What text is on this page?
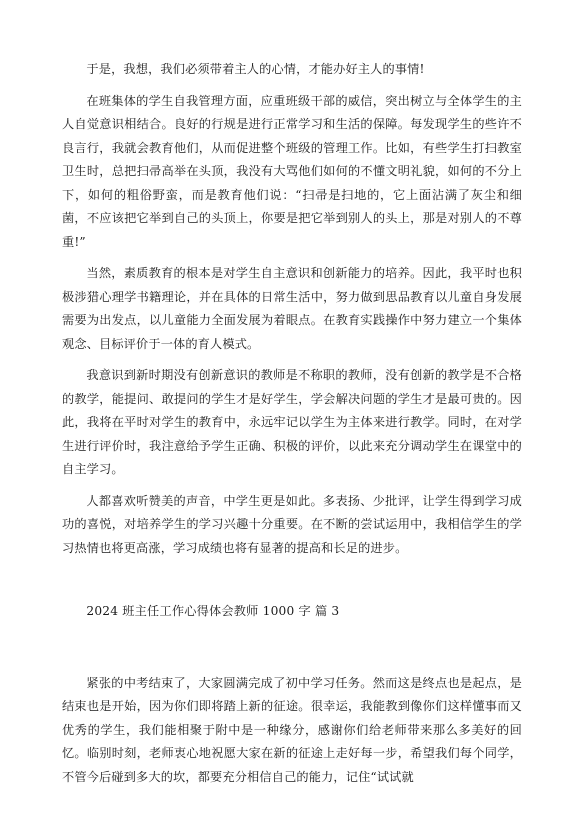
于是，我想，我们必须带着主人的心情，才能办好主人的事情!

在班集体的学生自我管理方面，应重班级干部的威信，突出树立与全体学生的主人自觉意识相结合。良好的行规是进行正常学习和生活的保障。每发现学生的些许不良言行，我就会教育他们，从而促进整个班级的管理工作。比如，有些学生打扫教室卫生时，总把扫帚高举在头顶，我没有大骂他们如何的不懂文明礼貌，如何的不分上下，如何的粗俗野蛮，而是教育他们说：“扫帚是扫地的，它上面沾满了灰尘和细菌，不应该把它举到自己的头顶上，你要是把它举到别人的头上，那是对别人的不尊重!”

当然，素质教育的根本是对学生自主意识和创新能力的培养。因此，我平时也积极涉猎心理学书籍理论，并在具体的日常生活中，努力做到思品教育以儿童自身发展需要为出发点，以儿童能力全面发展为着眼点。在教育实践操作中努力建立一个集体观念、目标评价于一体的育人模式。

我意识到新时期没有创新意识的教师是不称职的教师，没有创新的教学是不合格的教学，能提问、敢提问的学生才是好学生，学会解决问题的学生才是最可贵的。因此，我将在平时对学生的教育中，永远牢记以学生为主体来进行教学。同时，在对学生进行评价时，我注意给予学生正确、积极的评价，以此来充分调动学生在课堂中的自主学习。

人都喜欢听赞美的声音，中学生更是如此。多表扬、少批评，让学生得到学习成功的喜悦，对培养学生的学习兴趣十分重要。在不断的尝试运用中，我相信学生的学习热情也将更高涨，学习成绩也将有显著的提高和长足的进步。

2024 班主任工作心得体会教师 1000 字 篇 3

紧张的中考结束了，大家圆满完成了初中学习任务。然而这是终点也是起点，是结束也是开始，因为你们即将踏上新的征途。很幸运，我能教到像你们这样懂事而又优秀的学生，我们能相聚于附中是一种缘分，感谢你们给老师带来那么多美好的回忆。临别时刻，老师衷心地祝愿大家在新的征途上走好每一步，希望我们每个同学，不管今后碰到多大的坎，都要充分相信自己的能力，记住“试试就
